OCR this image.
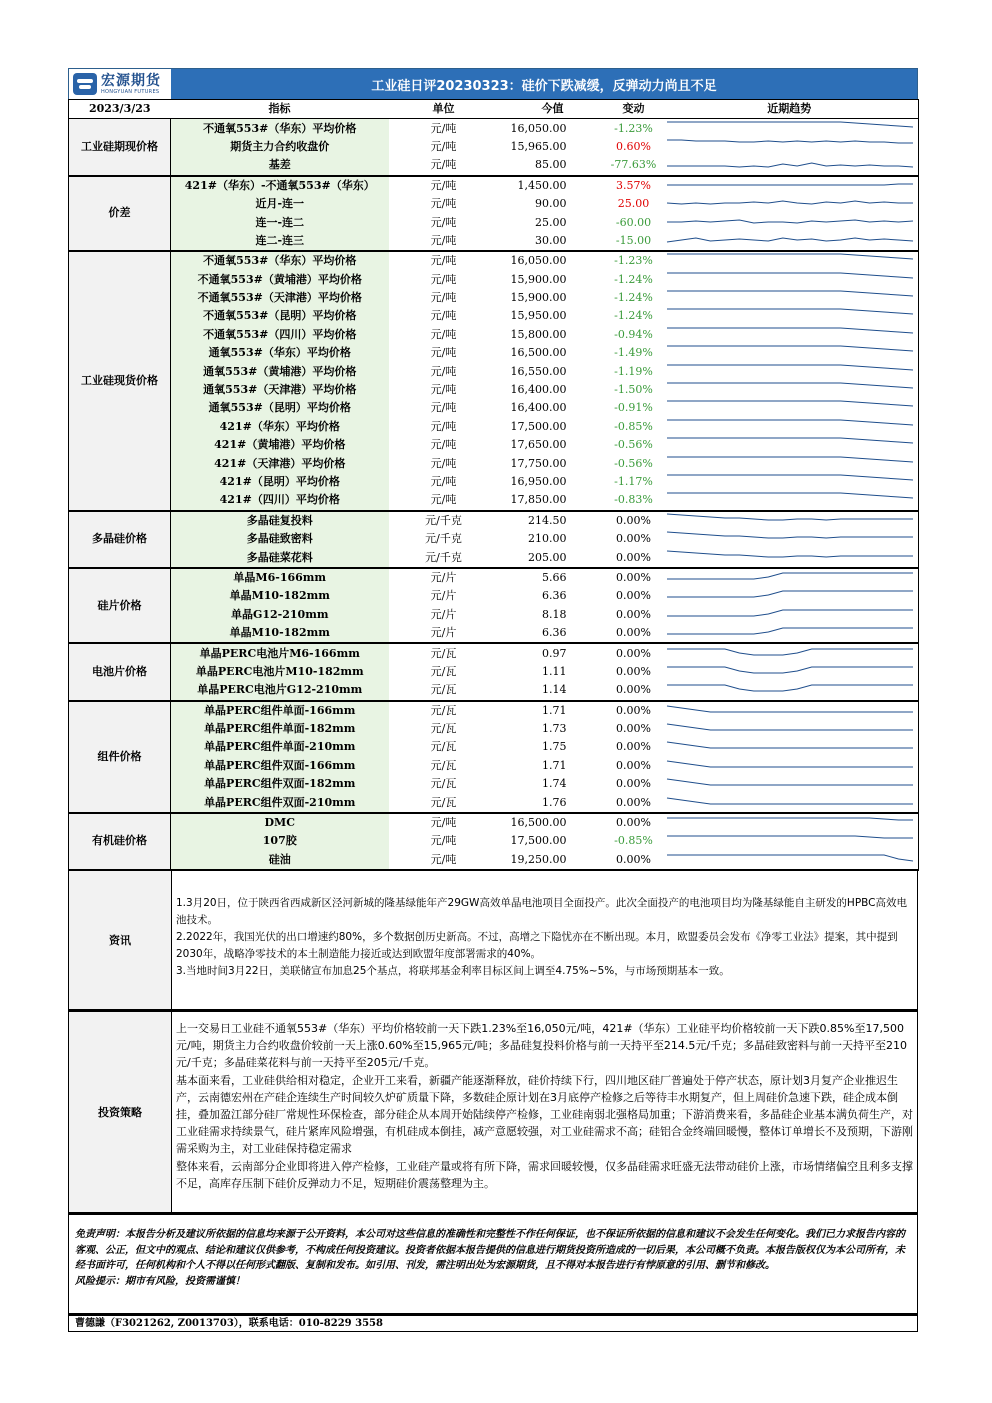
宏源期货
HONGYUAN FUTURES	工业硅日评20230323：硅价下跌减缓，反弹动力尚且不足
2023/3/23	指标	单位	今值	变动	近期趋势
工业硅期现价格	不通氧553#（华东）平均价格	元/吨	16,050.00	-1.23%	

	期货主力合约收盘价	元/吨	15,965.00	0.60%	

	基差	元/吨	85.00	-77.63%	

价差	421#（华东）-不通氧553#（华东）	元/吨	1,450.00	3.57%	

	近月-连一	元/吨	90.00	25.00	

	连一-连二	元/吨	25.00	-60.00	

	连二-连三	元/吨	30.00	-15.00	

工业硅现货价格	不通氧553#（华东）平均价格	元/吨	16,050.00	-1.23%	

	不通氧553#（黄埔港）平均价格	元/吨	15,900.00	-1.24%	

	不通氧553#（天津港）平均价格	元/吨	15,900.00	-1.24%	

	不通氧553#（昆明）平均价格	元/吨	15,950.00	-1.24%	

	不通氧553#（四川）平均价格	元/吨	15,800.00	-0.94%	

	通氧553#（华东）平均价格	元/吨	16,500.00	-1.49%	

	通氧553#（黄埔港）平均价格	元/吨	16,550.00	-1.19%	

	通氧553#（天津港）平均价格	元/吨	16,400.00	-1.50%	

	通氧553#（昆明）平均价格	元/吨	16,400.00	-0.91%	

	421#（华东）平均价格	元/吨	17,500.00	-0.85%	

	421#（黄埔港）平均价格	元/吨	17,650.00	-0.56%	

	421#（天津港）平均价格	元/吨	17,750.00	-0.56%	

	421#（昆明）平均价格	元/吨	16,950.00	-1.17%	

	421#（四川）平均价格	元/吨	17,850.00	-0.83%	

多晶硅价格	多晶硅复投料	元/千克	214.50	0.00%	

	多晶硅致密料	元/千克	210.00	0.00%	

	多晶硅菜花料	元/千克	205.00	0.00%	

硅片价格	单晶M6-166mm	元/片	5.66	0.00%	

	单晶M10-182mm	元/片	6.36	0.00%	

	单晶G12-210mm	元/片	8.18	0.00%	

	单晶M10-182mm	元/片	6.36	0.00%	

电池片价格	单晶PERC电池片M6-166mm	元/瓦	0.97	0.00%	

	单晶PERC电池片M10-182mm	元/瓦	1.11	0.00%	

	单晶PERC电池片G12-210mm	元/瓦	1.14	0.00%	

组件价格	单晶PERC组件单面-166mm	元/瓦	1.71	0.00%	

	单晶PERC组件单面-182mm	元/瓦	1.73	0.00%	

	单晶PERC组件单面-210mm	元/瓦	1.75	0.00%	

	单晶PERC组件双面-166mm	元/瓦	1.71	0.00%	

	单晶PERC组件双面-182mm	元/瓦	1.74	0.00%	

	单晶PERC组件双面-210mm	元/瓦	1.76	0.00%	

有机硅价格	DMC	元/吨	16,500.00	0.00%	

	107胶	元/吨	17,500.00	-0.85%	

	硅油	元/吨	19,250.00	0.00%	
资讯
1.3月20日，位于陕西省西咸新区泾河新城的隆基绿能年产29GW高效单晶电池项目全面投产。此次全面投产的电池项目均为隆基绿能自主研发的HPBC高效电池技术。
2.2022年，我国光伏的出口增速约80%，多个数据创历史新高。不过，高增之下隐忧亦在不断出现。本月，欧盟委员会发布《净零工业法》提案，其中提到2030年，战略净零技术的本土制造能力接近或达到欧盟年度部署需求的40%。
3.当地时间3月22日，美联储宣布加息25个基点，将联邦基金利率目标区间上调至4.75%~5%，与市场预期基本一致。
投资策略
上一交易日工业硅不通氧553#（华东）平均价格较前一天下跌1.23%至16,050元/吨，421#（华东）工业硅平均价格较前一天下跌0.85%至17,500元/吨，期货主力合约收盘价较前一天上涨0.60%至15,965元/吨；多晶硅复投料价格与前一天持平至214.5元/千克；多晶硅致密料与前一天持平至210元/千克；多晶硅菜花料与前一天持平至205元/千克。
基本面来看，工业硅供给相对稳定，企业开工来看，新疆产能逐渐释放，硅价持续下行，四川地区硅厂普遍处于停产状态，原计划3月复产企业推迟生产，云南德宏州在产硅企连续生产时间较久炉矿质量下降，多数硅企原计划在3月底停产检修之后等待丰水期复产，但上周硅价急速下跌，硅企成本倒挂，叠加盈江部分硅厂常规性环保检查，部分硅企从本周开始陆续停产检修，工业硅南弱北强格局加重；下游消费来看，多晶硅企业基本满负荷生产，对工业硅需求持续景气，硅片紧库风险增强，有机硅成本倒挂，减产意愿较强，对工业硅需求不高；硅铝合金终端回暖慢，整体订单增长不及预期，下游刚需采购为主，对工业硅保持稳定需求
整体来看，云南部分企业即将进入停产检修，工业硅产量或将有所下降，需求回暖较慢，仅多晶硅需求旺盛无法带动硅价上涨，市场情绪偏空且利多支撑不足，高库存压制下硅价反弹动力不足，短期硅价震荡整理为主。
免责声明：本报告分析及建议所依据的信息均来源于公开资料，本公司对这些信息的准确性和完整性不作任何保证，也不保证所依据的信息和建议不会发生任何变化。我们已力求报告内容的客观、公正，但文中的观点、结论和建议仅供参考，不构成任何投资建议。投资者依据本报告提供的信息进行期货投资所造成的一切后果，本公司概不负责。本报告版权仅为本公司所有，未经书面许可，任何机构和个人不得以任何形式翻版、复制和发布。如引用、刊发，需注明出处为宏源期货，且不得对本报告进行有悖原意的引用、删节和修改。
风险提示：期市有风险，投资需谨慎！
曹德謙（F3021262, Z0013703），联系电话：010-8229 3558
